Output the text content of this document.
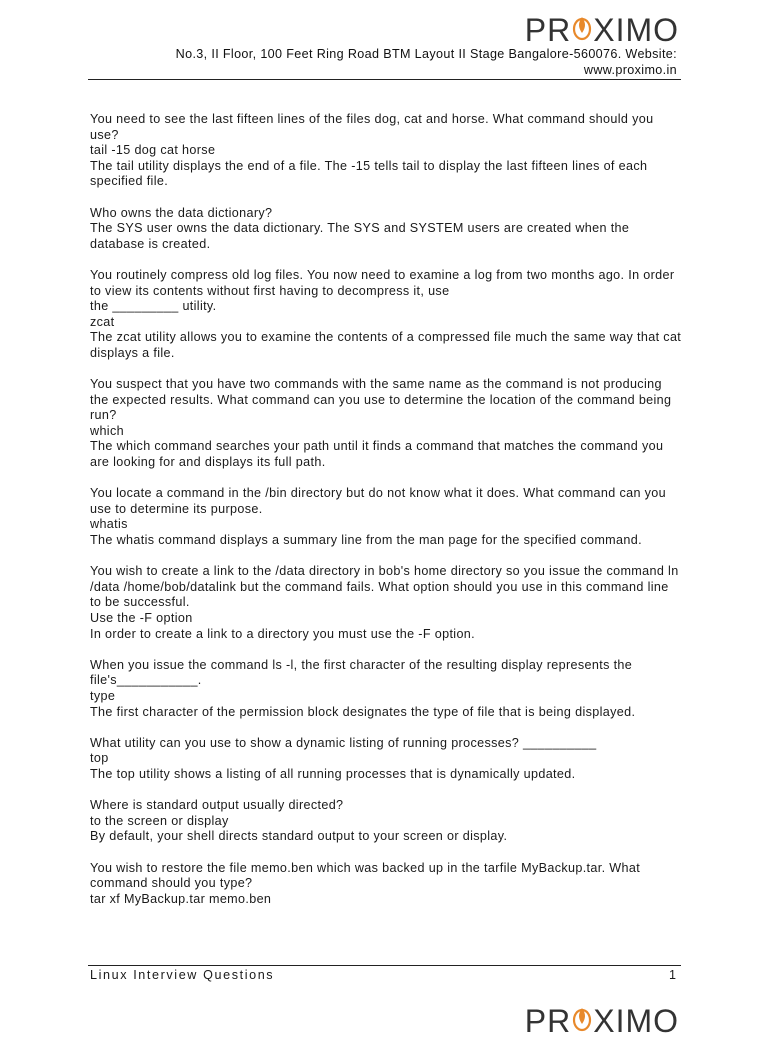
PR XIMO
No.3, II Floor, 100 Feet Ring Road BTM Layout II Stage Bangalore-560076. Website: www.proximo.in
You need to see the last fifteen lines of the files dog, cat and horse. What command should you use?
tail -15 dog cat horse
The tail utility displays the end of a file. The -15 tells tail to display the last fifteen lines of each specified file.
Who owns the data dictionary?
The SYS user owns the data dictionary. The SYS and SYSTEM users are created when the database is created.
You routinely compress old log files. You now need to examine a log from two months ago. In order to view its contents without first having to decompress it, use
the _________ utility.
zcat
The zcat utility allows you to examine the contents of a compressed file much the same way that cat displays a file.
You suspect that you have two commands with the same name as the command is not producing the expected results. What command can you use to determine the location of the command being run?
which
The which command searches your path until it finds a command that matches the command you are looking for and displays its full path.
You locate a command in the /bin directory but do not know what it does. What command can you use to determine its purpose.
whatis
The whatis command displays a summary line from the man page for the specified command.
You wish to create a link to the /data directory in bob's home directory so you issue the command ln /data /home/bob/datalink but the command fails. What option should you use in this command line to be successful.
Use the -F option
In order to create a link to a directory you must use the -F option.
When you issue the command ls -l, the first character of the resulting display represents the file's___________.
type
The first character of the permission block designates the type of file that is being displayed.
What utility can you use to show a dynamic listing of running processes? __________
top
The top utility shows a listing of all running processes that is dynamically updated.
Where is standard output usually directed?
to the screen or display
By default, your shell directs standard output to your screen or display.
You wish to restore the file memo.ben which was backed up in the tarfile MyBackup.tar. What command should you type?
tar xf MyBackup.tar memo.ben
Linux Interview Questions	1
PR XIMO
